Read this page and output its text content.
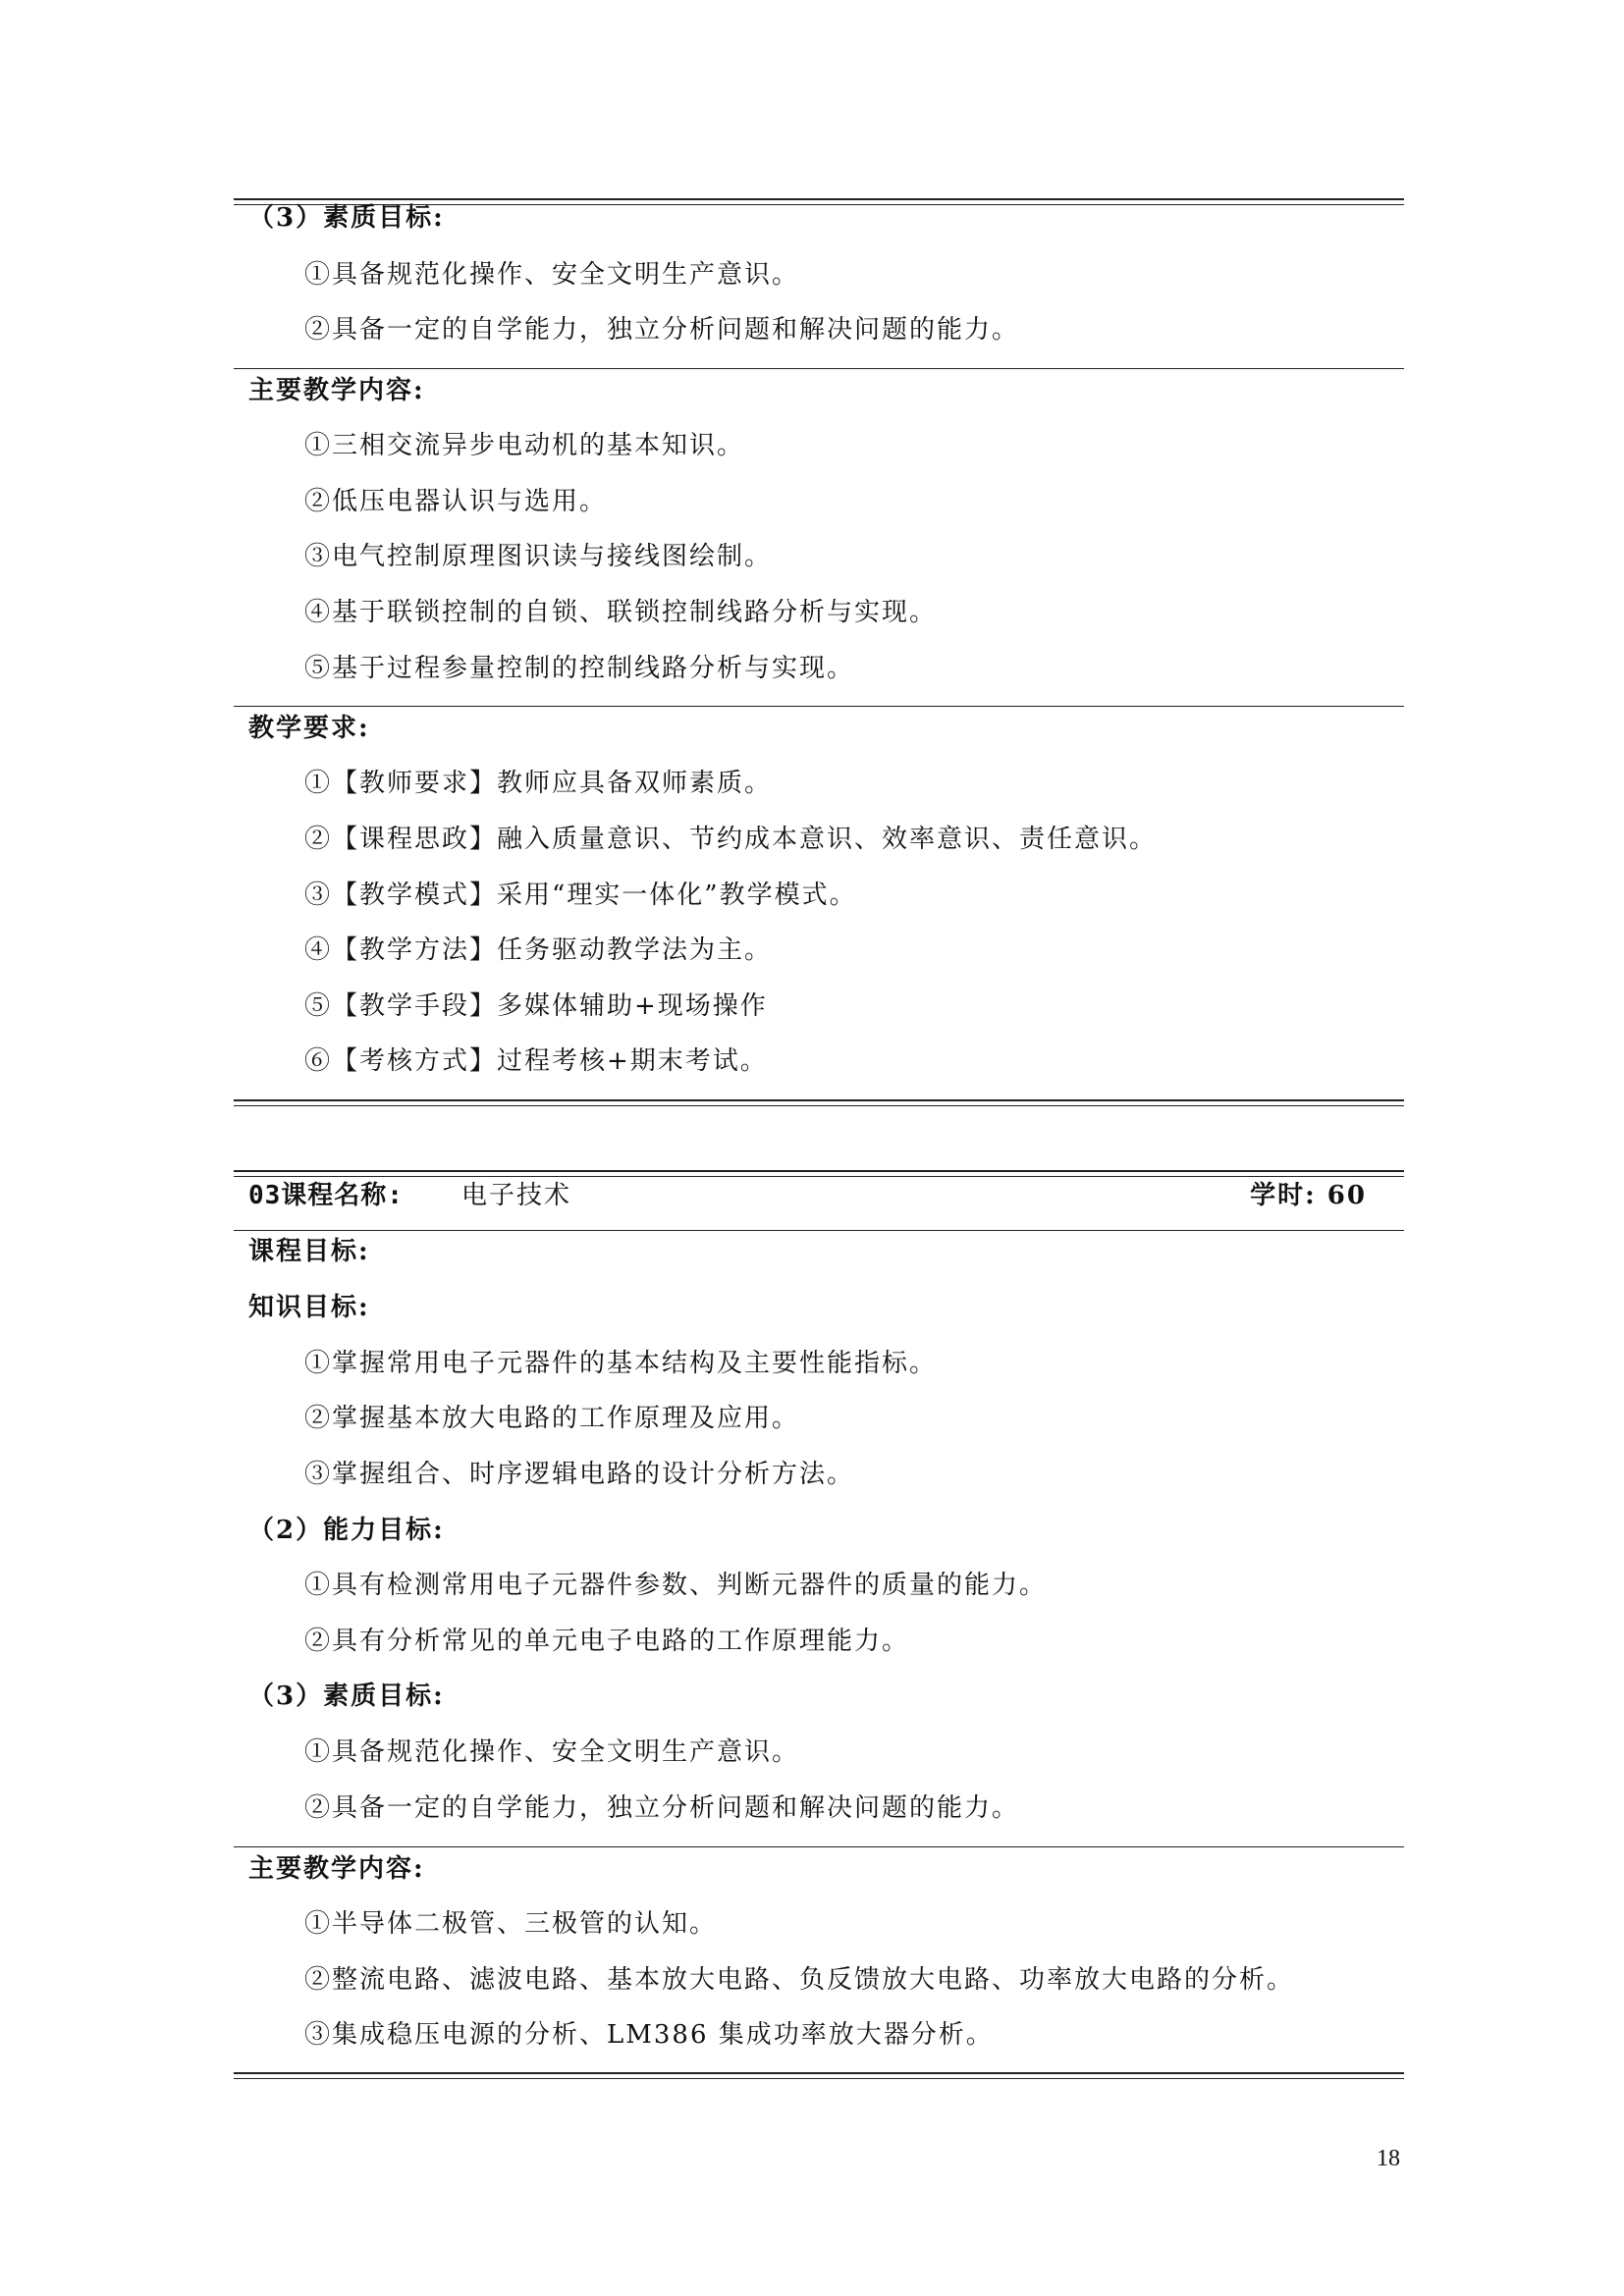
（3）素质目标:
①具备规范化操作、安全文明生产意识。
②具备一定的自学能力，独立分析问题和解决问题的能力。
主要教学内容:
①三相交流异步电动机的基本知识。
②低压电器认识与选用。
③电气控制原理图识读与接线图绘制。
④基于联锁控制的自锁、联锁控制线路分析与实现。
⑤基于过程参量控制的控制线路分析与实现。
教学要求:
①【教师要求】教师应具备双师素质。
②【课程思政】融入质量意识、节约成本意识、效率意识、责任意识。
③【教学模式】采用“理实一体化”教学模式。
④【教学方法】任务驱动教学法为主。
⑤【教学手段】多媒体辅助+现场操作
⑥【考核方式】过程考核+期末考试。
03课程名称: 电子技术	学时: 60
课程目标:
知识目标:
①掌握常用电子元器件的基本结构及主要性能指标。
②掌握基本放大电路的工作原理及应用。
③掌握组合、时序逻辑电路的设计分析方法。
（2）能力目标:
①具有检测常用电子元器件参数、判断元器件的质量的能力。
②具有分析常见的单元电子电路的工作原理能力。
（3）素质目标:
①具备规范化操作、安全文明生产意识。
②具备一定的自学能力，独立分析问题和解决问题的能力。
主要教学内容:
①半导体二极管、三极管的认知。
②整流电路、滤波电路、基本放大电路、负反馈放大电路、功率放大电路的分析。
③集成稳压电源的分析、LM386 集成功率放大器分析。
18
